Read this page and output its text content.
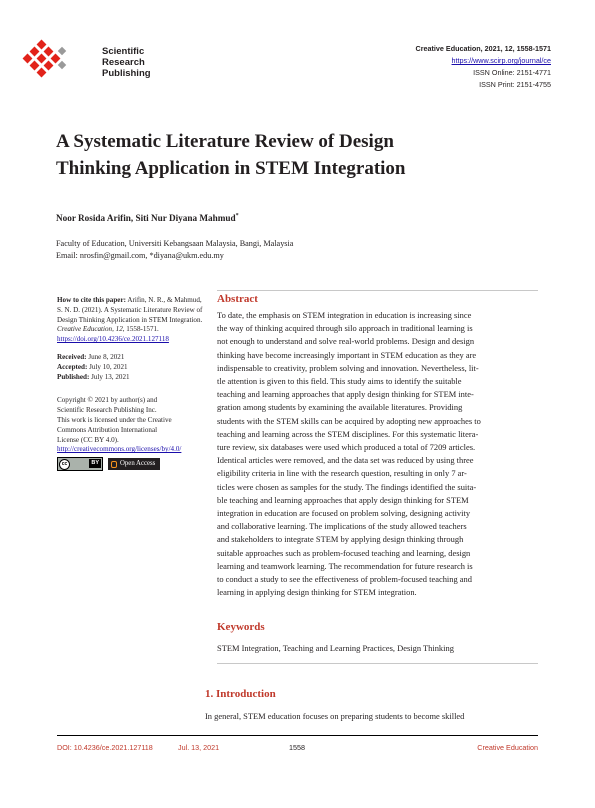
Scientific
Research
Publishing
Creative Education, 2021, 12, 1558-1571
https://www.scirp.org/journal/ce
ISSN Online: 2151-4771
ISSN Print: 2151-4755
A Systematic Literature Review of Design
Thinking Application in STEM Integration
Noor Rosida Arifin, Siti Nur Diyana Mahmud*
Faculty of Education, Universiti Kebangsaan Malaysia, Bangi, Malaysia
Email: nrosfin@gmail.com, *diyana@ukm.edu.my
How to cite this paper: Arifin, N. R., & Mahmud, S. N. D. (2021). A Systematic Literature Review of Design Thinking Application in STEM Integration. Creative Education, 12, 1558-1571.
https://doi.org/10.4236/ce.2021.127118
Received: June 8, 2021
Accepted: July 10, 2021
Published: July 13, 2021
Copyright © 2021 by author(s) and
Scientific Research Publishing Inc.
This work is licensed under the Creative
Commons Attribution International
License (CC BY 4.0).
http://creativecommons.org/licenses/by/4.0/
cc	BY	Open Access
Abstract
To date, the emphasis on STEM integration in education is increasing since
the way of thinking acquired through silo approach in traditional learning is
not enough to understand and solve real-world problems. Design and design
thinking have become increasingly important in STEM education as they are
indispensable to creativity, problem solving and innovation. Nevertheless, lit-
tle attention is given to this field. This study aims to identify the suitable
teaching and learning approaches that apply design thinking for STEM inte-
gration among students by examining the available literatures. Providing
students with the STEM skills can be acquired by adopting new approaches to
teaching and learning across the STEM disciplines. For this systematic litera-
ture review, six databases were used which produced a total of 7209 articles.
Identical articles were removed, and the data set was reduced by using three
eligibility criteria in line with the research question, resulting in only 7 ar-
ticles were chosen as samples for the study. The findings identified the suita-
ble teaching and learning approaches that apply design thinking for STEM
integration in education are focused on problem solving, designing activity
and collaborative learning. The implications of the study allowed teachers
and stakeholders to integrate STEM by applying design thinking through
suitable approaches such as problem-focused teaching and learning, design
learning and teamwork learning. The recommendation for future research is
to conduct a study to see the effectiveness of problem-focused teaching and
learning in applying design thinking for STEM integration.
Keywords
STEM Integration, Teaching and Learning Practices, Design Thinking
1. Introduction
In general, STEM education focuses on preparing students to become skilled
DOI: 10.4236/ce.2021.127118	Jul. 13, 2021	1558	Creative Education
